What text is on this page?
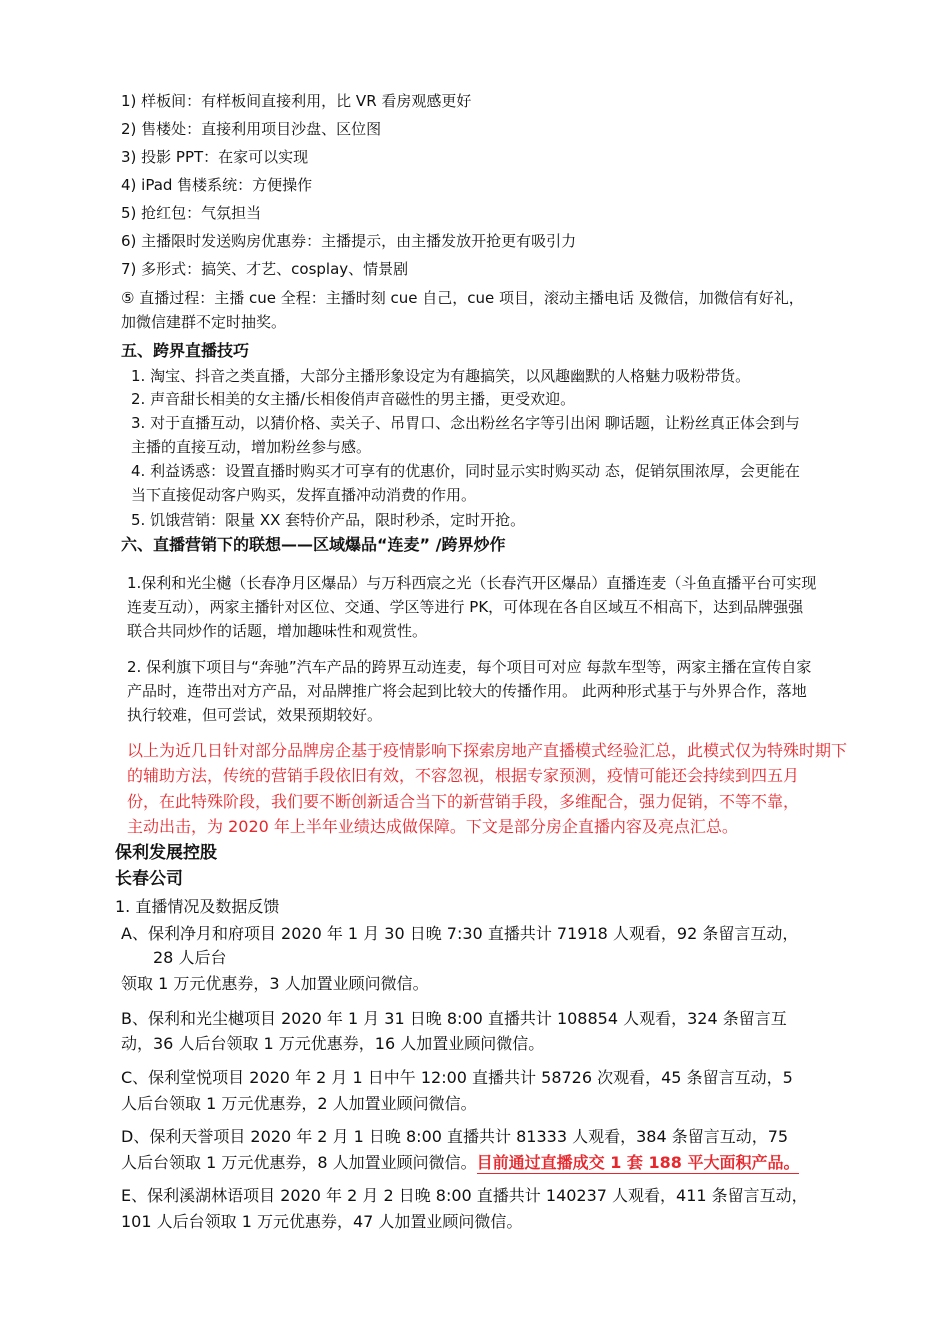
1) 样板间：有样板间直接利用，比 VR 看房观感更好
2) 售楼处：直接利用项目沙盘、区位图
3) 投影 PPT：在家可以实现
4) iPad 售楼系统：方便操作
5) 抢红包：气氛担当
6) 主播限时发送购房优惠券：主播提示，由主播发放开抢更有吸引力
7) 多形式：搞笑、才艺、cosplay、情景剧
⑤ 直播过程：主播 cue 全程：主播时刻 cue 自己，cue 项目，滚动主播电话 及微信，加微信有好礼，
加微信建群不定时抽奖。
五、跨界直播技巧
1. 淘宝、抖音之类直播，大部分主播形象设定为有趣搞笑，以风趣幽默的人格魅力吸粉带货。
2. 声音甜长相美的女主播/长相俊俏声音磁性的男主播，更受欢迎。
3. 对于直播互动，以猜价格、卖关子、吊胃口、念出粉丝名字等引出闲 聊话题，让粉丝真正体会到与
主播的直接互动，增加粉丝参与感。
4. 利益诱惑：设置直播时购买才可享有的优惠价，同时显示实时购买动 态，促销氛围浓厚，会更能在
当下直接促动客户购买，发挥直播冲动消费的作用。
5. 饥饿营销：限量 XX 套特价产品，限时秒杀，定时开抢。
六、直播营销下的联想——区域爆品“连麦” /跨界炒作
1.保利和光尘樾（长春净月区爆品）与万科西宸之光（长春汽开区爆品）直播连麦（斗鱼直播平台可实现
连麦互动），两家主播针对区位、交通、学区等进行 PK，可体现在各自区域互不相高下，达到品牌强强
联合共同炒作的话题，增加趣味性和观赏性。
2. 保利旗下项目与“奔驰”汽车产品的跨界互动连麦，每个项目可对应 每款车型等，两家主播在宣传自家
产品时，连带出对方产品，对品牌推广将会起到比较大的传播作用。 此两种形式基于与外界合作，落地
执行较难，但可尝试，效果预期较好。
以上为近几日针对部分品牌房企基于疫情影响下探索房地产直播模式经验汇总，此模式仅为特殊时期下
的辅助方法，传统的营销手段依旧有效，不容忽视，根据专家预测，疫情可能还会持续到四五月
份，在此特殊阶段，我们要不断创新适合当下的新营销手段，多维配合，强力促销，不等不靠，
主动出击，为 2020 年上半年业绩达成做保障。下文是部分房企直播内容及亮点汇总。
保利发展控股
长春公司
1. 直播情况及数据反馈
A、保利净月和府项目 2020 年 1 月 30 日晚 7:30 直播共计 71918 人观看，92 条留言互动，
28 人后台
领取 1 万元优惠券，3 人加置业顾问微信。
B、保利和光尘樾项目 2020 年 1 月 31 日晚 8:00 直播共计 108854 人观看，324 条留言互
动，36 人后台领取 1 万元优惠券，16 人加置业顾问微信。
C、保利堂悦项目 2020 年 2 月 1 日中午 12:00 直播共计 58726 次观看，45 条留言互动，5
人后台领取 1 万元优惠券，2 人加置业顾问微信。
D、保利天誉项目 2020 年 2 月 1 日晚 8:00 直播共计 81333 人观看，384 条留言互动，75
人后台领取 1 万元优惠券，8 人加置业顾问微信。目前通过直播成交 1 套 188 平大面积产品。
E、保利溪湖林语项目 2020 年 2 月 2 日晚 8:00 直播共计 140237 人观看，411 条留言互动，
101 人后台领取 1 万元优惠券，47 人加置业顾问微信。
